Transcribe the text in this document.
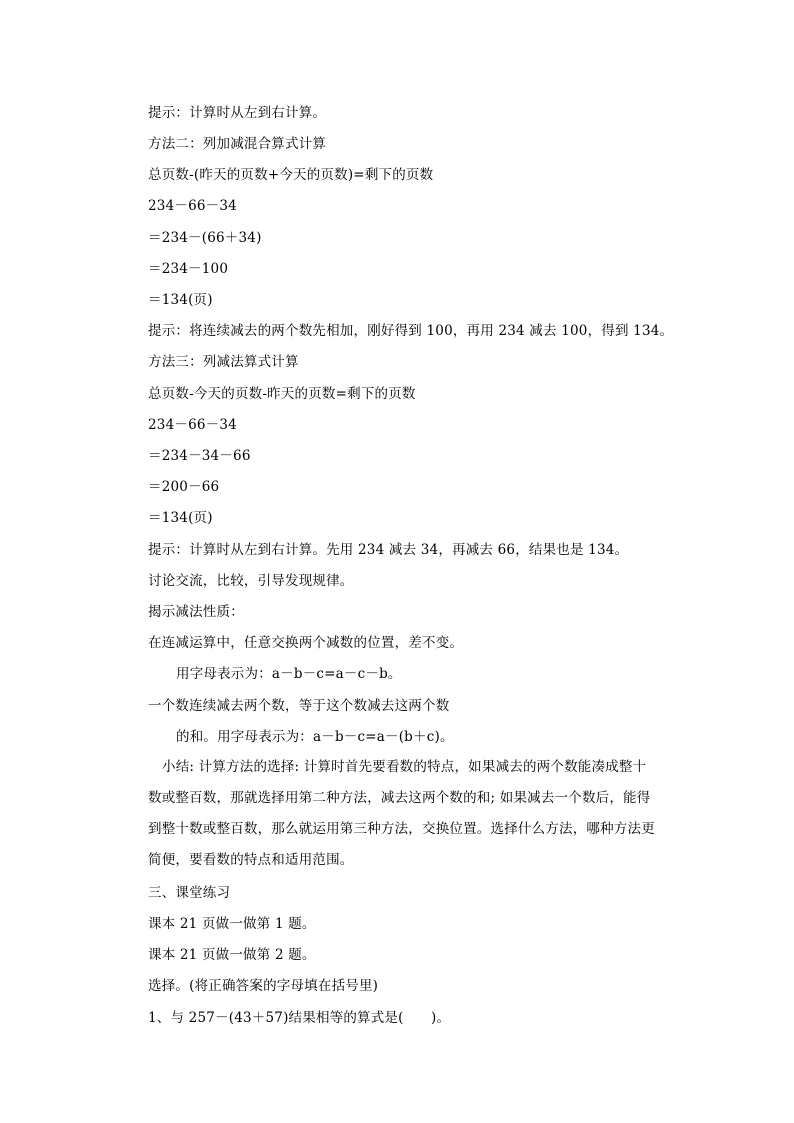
提示：计算时从左到右计算。
方法二：列加减混合算式计算
总页数-(昨天的页数+今天的页数)=剩下的页数
234－66－34
＝234－(66＋34)
＝234－100
＝134(页)
提示：将连续减去的两个数先相加，刚好得到 100，再用 234 减去 100，得到 134。
方法三：列减法算式计算
总页数-今天的页数-昨天的页数=剩下的页数
234－66－34
＝234－34－66
＝200－66
＝134(页)
提示：计算时从左到右计算。先用 234 减去 34，再减去 66，结果也是 134。
讨论交流，比较，引导发现规律。
揭示减法性质：
在连减运算中，任意交换两个减数的位置，差不变。
用字母表示为：a－b－c=a－c－b。
一个数连续减去两个数，等于这个数减去这两个数
的和。用字母表示为：a－b－c=a－(b＋c)。
小结: 计算方法的选择: 计算时首先要看数的特点，如果减去的两个数能凑成整十数或整百数，那就选择用第二种方法，减去这两个数的和; 如果减去一个数后，能得到整十数或整百数，那么就运用第三种方法，交换位置。选择什么方法，哪种方法更简便，要看数的特点和适用范围。
三、课堂练习
课本 21 页做一做第 1 题。
课本 21 页做一做第 2 题。
选择。(将正确答案的字母填在括号里)
1、与 257－(43＋57)结果相等的算式是(　　)。
